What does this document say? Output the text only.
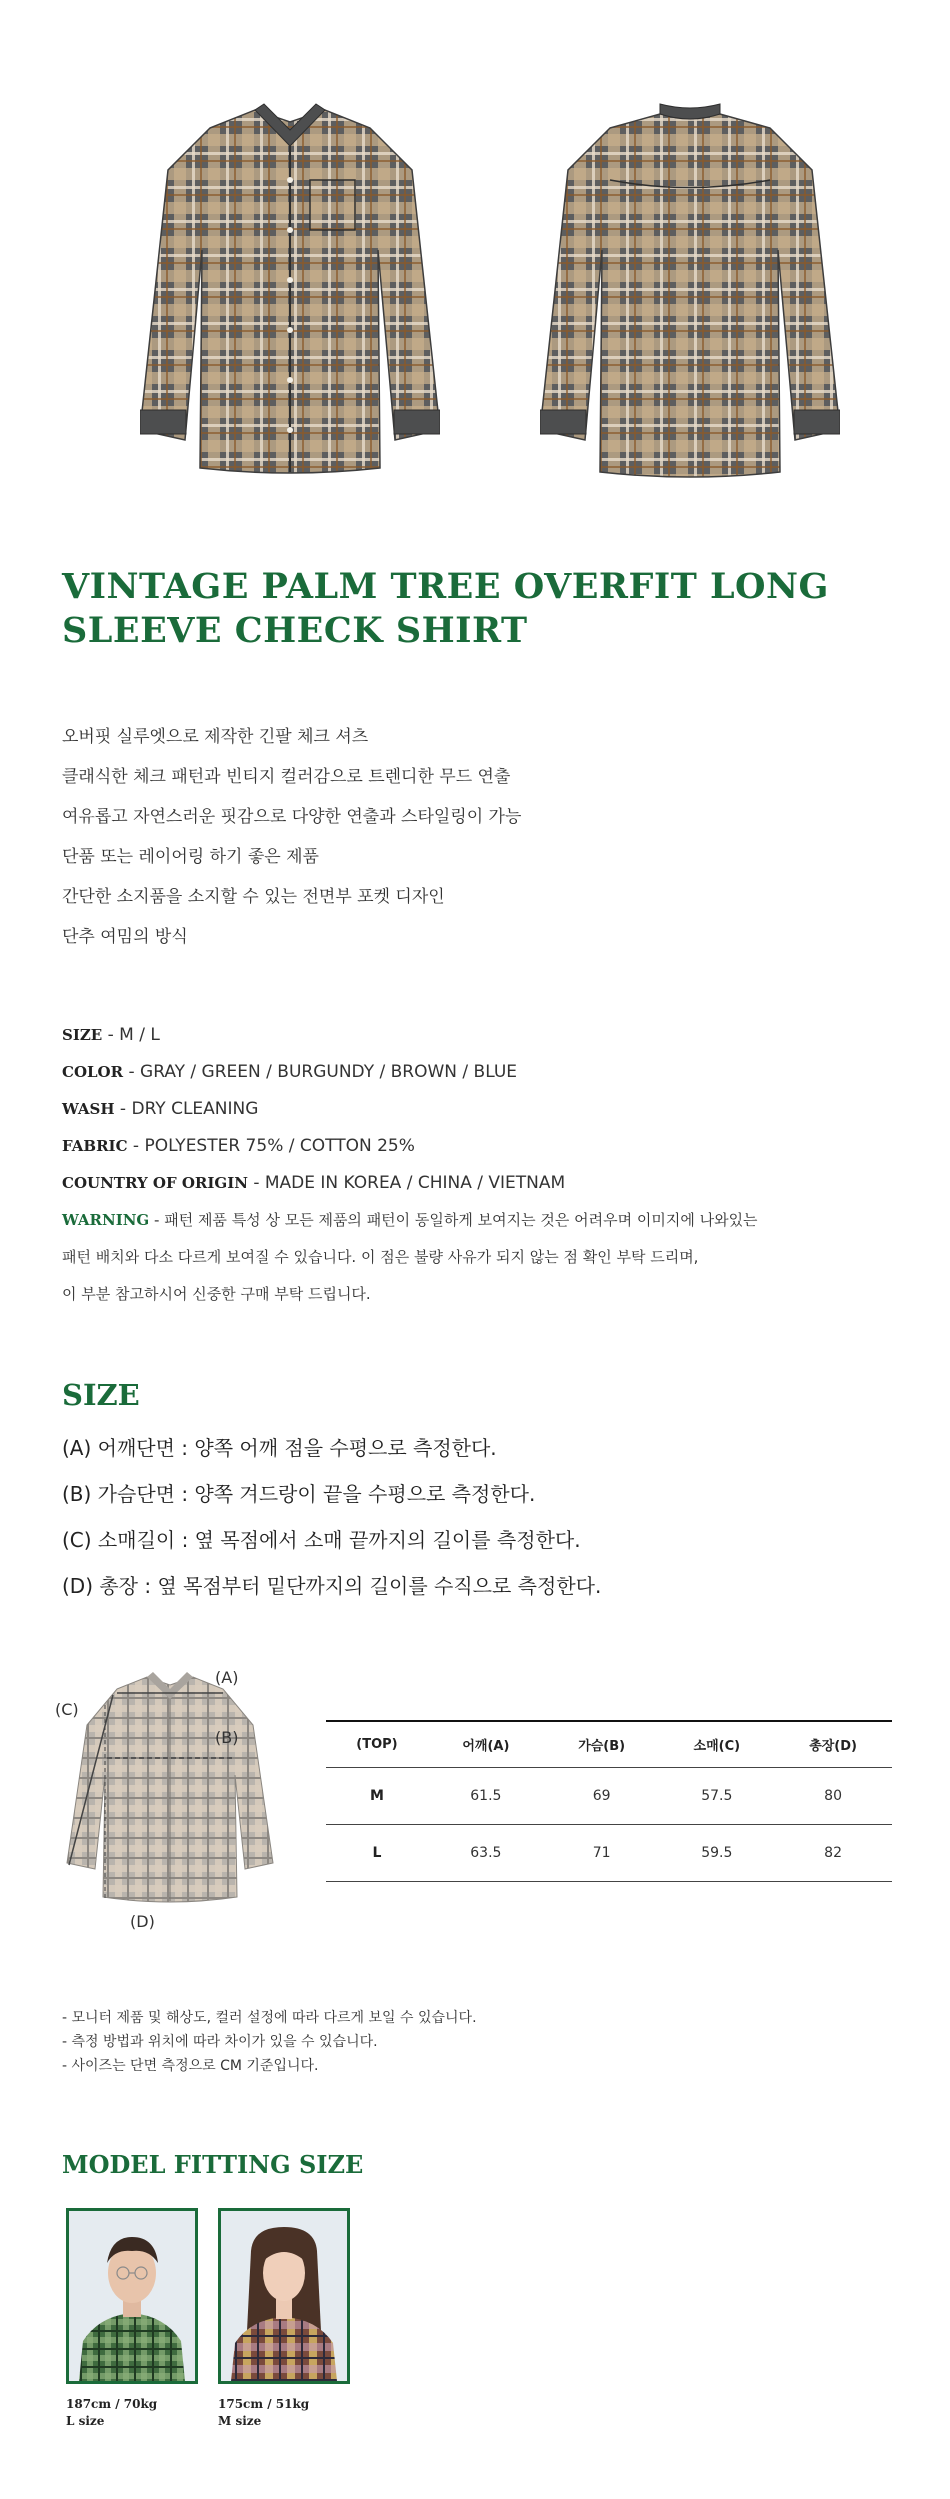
VINTAGE PALM TREE OVERFIT LONG SLEEVE CHECK SHIRT
오버핏 실루엣으로 제작한 긴팔 체크 셔츠
클래식한 체크 패턴과 빈티지 컬러감으로 트렌디한 무드 연출
여유롭고 자연스러운 핏감으로 다양한 연출과 스타일링이 가능
단품 또는 레이어링 하기 좋은 제품
간단한 소지품을 소지할 수 있는 전면부 포켓 디자인
단추 여밈의 방식
SIZE - M / L
COLOR - GRAY / GREEN / BURGUNDY / BROWN / BLUE
WASH - DRY CLEANING
FABRIC - POLYESTER 75% / COTTON 25%
COUNTRY OF ORIGIN - MADE IN KOREA / CHINA / VIETNAM
WARNING - 패턴 제품 특성 상 모든 제품의 패턴이 동일하게 보여지는 것은 어려우며 이미지에 나와있는
패턴 배치와 다소 다르게 보여질 수 있습니다. 이 점은 불량 사유가 되지 않는 점 확인 부탁 드리며,
이 부분 참고하시어 신중한 구매 부탁 드립니다.
SIZE
(A) 어깨단면 : 양쪽 어깨 점을 수평으로 측정한다.
(B) 가슴단면 : 양쪽 겨드랑이 끝을 수평으로 측정한다.
(C) 소매길이 : 옆 목점에서 소매 끝까지의 길이를 측정한다.
(D) 총장 : 옆 목점부터 밑단까지의 길이를 수직으로 측정한다.
(A)
(B)
(C)
(D)
(TOP)	어깨(A)	가슴(B)	소매(C)	총장(D)
M	61.5	69	57.5	80
L	63.5	71	59.5	82
- 모니터 제품 및 해상도, 컬러 설정에 따라 다르게 보일 수 있습니다.
- 측정 방법과 위치에 따라 차이가 있을 수 있습니다.
- 사이즈는 단면 측정으로 CM 기준입니다.
MODEL FITTING SIZE
187cm / 70kg
L size
175cm / 51kg
M size
